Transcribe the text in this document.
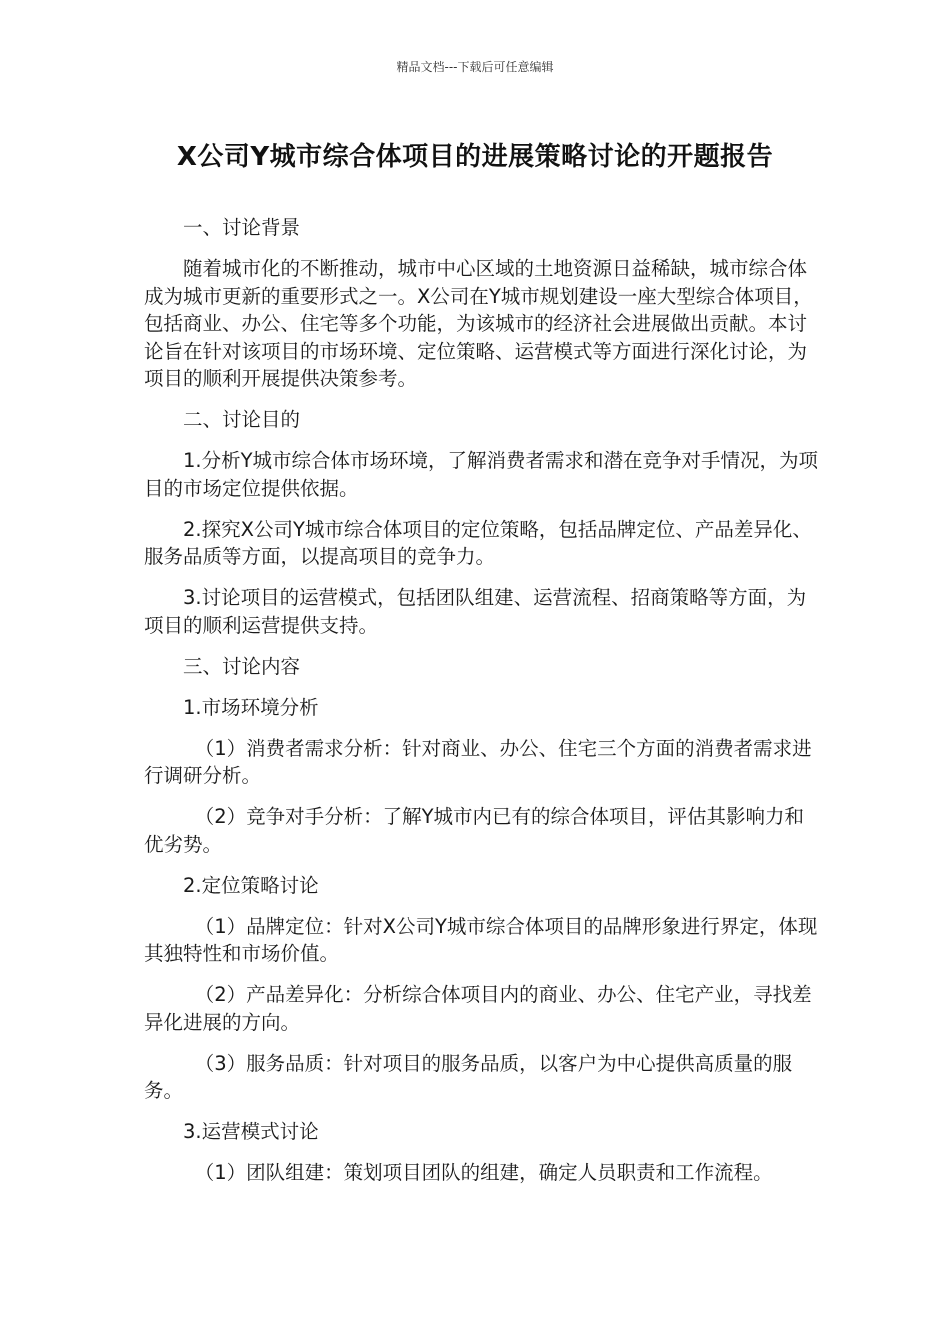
精品文档---下载后可任意编辑
X公司Y城市综合体项目的进展策略讨论的开题报告

一、讨论背景

随着城市化的不断推动，城市中心区域的土地资源日益稀缺，城市综合体成为城市更新的重要形式之一。X公司在Y城市规划建设一座大型综合体项目，包括商业、办公、住宅等多个功能，为该城市的经济社会进展做出贡献。本讨论旨在针对该项目的市场环境、定位策略、运营模式等方面进行深化讨论，为项目的顺利开展提供决策参考。

二、讨论目的

1.分析Y城市综合体市场环境，了解消费者需求和潜在竞争对手情况，为项目的市场定位提供依据。

2.探究X公司Y城市综合体项目的定位策略，包括品牌定位、产品差异化、服务品质等方面，以提高项目的竞争力。

3.讨论项目的运营模式，包括团队组建、运营流程、招商策略等方面，为项目的顺利运营提供支持。

三、讨论内容

1.市场环境分析

（1）消费者需求分析：针对商业、办公、住宅三个方面的消费者需求进行调研分析。

（2）竞争对手分析：了解Y城市内已有的综合体项目，评估其影响力和优劣势。

2.定位策略讨论

（1）品牌定位：针对X公司Y城市综合体项目的品牌形象进行界定，体现其独特性和市场价值。

（2）产品差异化：分析综合体项目内的商业、办公、住宅产业，寻找差异化进展的方向。

（3）服务品质：针对项目的服务品质，以客户为中心提供高质量的服务。

3.运营模式讨论

（1）团队组建：策划项目团队的组建，确定人员职责和工作流程。
